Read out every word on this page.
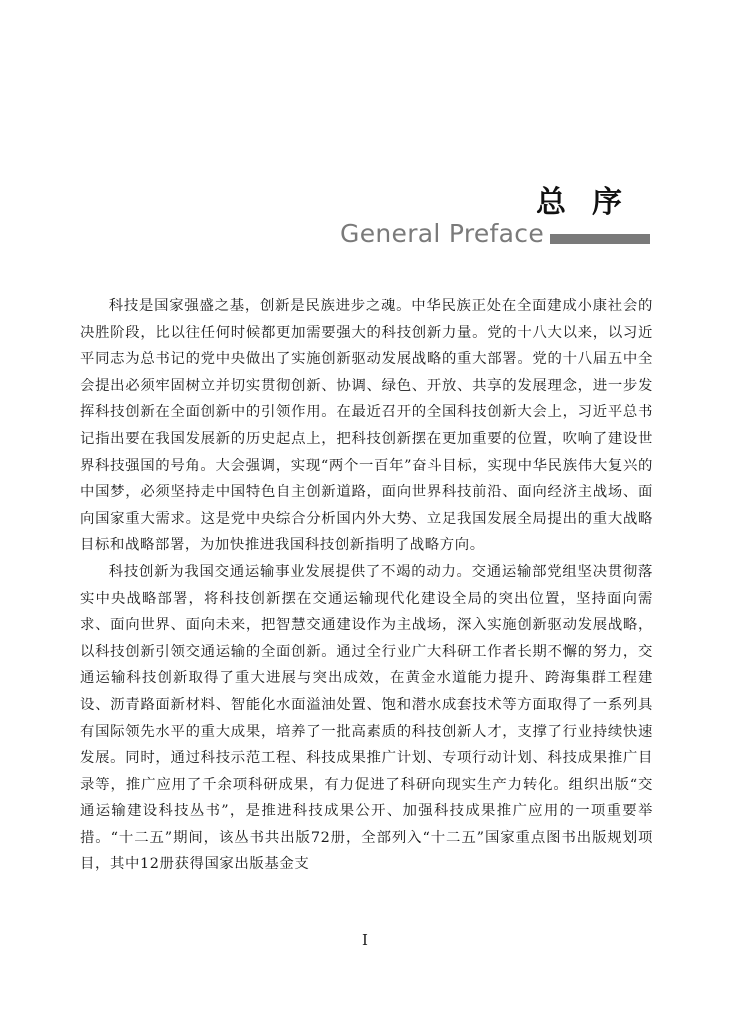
总序
General Preface

科技是国家强盛之基，创新是民族进步之魂。中华民族正处在全面建成小康社会的决胜阶段，比以往任何时候都更加需要强大的科技创新力量。党的十八大以来，以习近平同志为总书记的党中央做出了实施创新驱动发展战略的重大部署。党的十八届五中全会提出必须牢固树立并切实贯彻创新、协调、绿色、开放、共享的发展理念，进一步发挥科技创新在全面创新中的引领作用。在最近召开的全国科技创新大会上，习近平总书记指出要在我国发展新的历史起点上，把科技创新摆在更加重要的位置，吹响了建设世界科技强国的号角。大会强调，实现“两个一百年”奋斗目标，实现中华民族伟大复兴的中国梦，必须坚持走中国特色自主创新道路，面向世界科技前沿、面向经济主战场、面向国家重大需求。这是党中央综合分析国内外大势、立足我国发展全局提出的重大战略目标和战略部署，为加快推进我国科技创新指明了战略方向。

科技创新为我国交通运输事业发展提供了不竭的动力。交通运输部党组坚决贯彻落实中央战略部署，将科技创新摆在交通运输现代化建设全局的突出位置，坚持面向需求、面向世界、面向未来，把智慧交通建设作为主战场，深入实施创新驱动发展战略，以科技创新引领交通运输的全面创新。通过全行业广大科研工作者长期不懈的努力，交通运输科技创新取得了重大进展与突出成效，在黄金水道能力提升、跨海集群工程建设、沥青路面新材料、智能化水面溢油处置、饱和潜水成套技术等方面取得了一系列具有国际领先水平的重大成果，培养了一批高素质的科技创新人才，支撑了行业持续快速发展。同时，通过科技示范工程、科技成果推广计划、专项行动计划、科技成果推广目录等，推广应用了千余项科研成果，有力促进了科研向现实生产力转化。组织出版“交通运输建设科技丛书”，是推进科技成果公开、加强科技成果推广应用的一项重要举措。“十二五”期间，该丛书共出版72册，全部列入“十二五”国家重点图书出版规划项目，其中12册获得国家出版基金支

I
